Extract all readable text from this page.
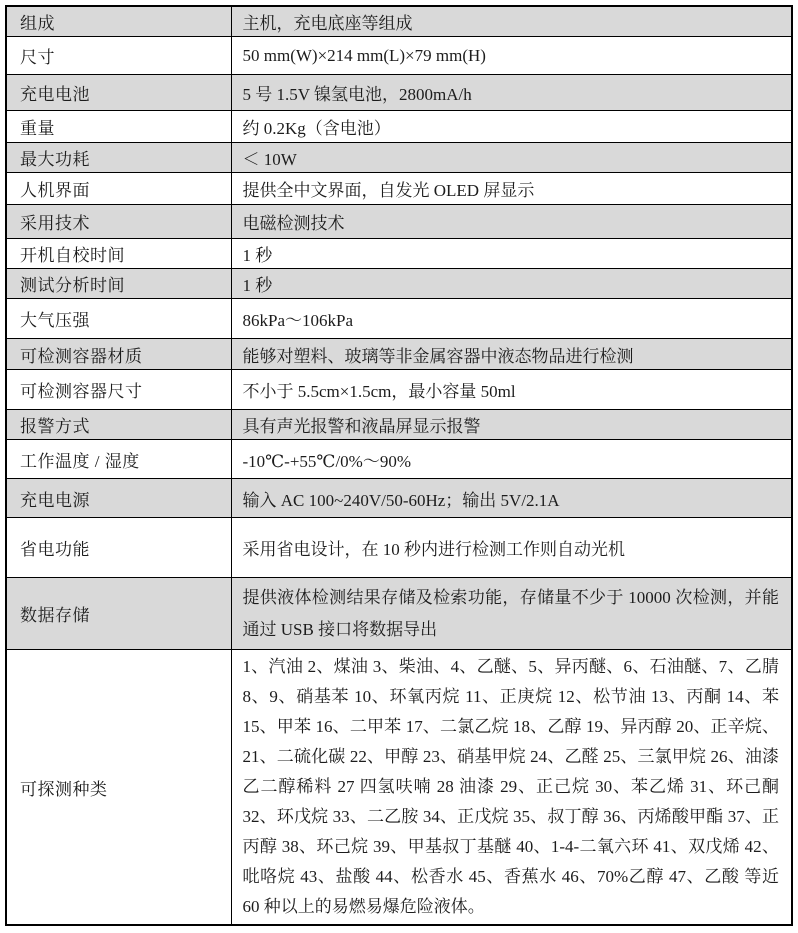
组成	主机，充电底座等组成
尺寸	50 mm(W)×214 mm(L)×79 mm(H)
充电电池	5 号 1.5V 镍氢电池，2800mA/h
重量	约 0.2Kg（含电池）
最大功耗	＜ 10W
人机界面	提供全中文界面，自发光 OLED 屏显示
采用技术	电磁检测技术
开机自校时间	1 秒
测试分析时间	1 秒
大气压强	86kPa～106kPa
可检测容器材质	能够对塑料、玻璃等非金属容器中液态物品进行检测
可检测容器尺寸	不小于 5.5cm×1.5cm，最小容量 50ml
报警方式	具有声光报警和液晶屏显示报警
工作温度 / 湿度	-10℃-+55℃/0%～90%
充电电源	输入 AC 100~240V/50-60Hz；输出 5V/2.1A
省电功能	采用省电设计，在 10 秒内进行检测工作则自动光机
数据存储	提供液体检测结果存储及检索功能，存储量不少于 10000 次检测，并能通过 USB 接口将数据导出
可探测种类	1、汽油 2、煤油 3、柴油、4、乙醚、5、异丙醚、6、石油醚、7、乙腈 8、9、硝基苯 10、环氧丙烷 11、正庚烷 12、松节油 13、丙酮 14、苯 15、甲苯 16、二甲苯 17、二氯乙烷 18、乙醇 19、异丙醇 20、正辛烷、21、二硫化碳 22、甲醇 23、硝基甲烷 24、乙醛 25、三氯甲烷 26、油漆乙二醇稀料 27 四氢呋喃 28 油漆 29、正己烷 30、苯乙烯 31、环己酮 32、环戊烷 33、二乙胺 34、正戊烷 35、叔丁醇 36、丙烯酸甲酯 37、正丙醇 38、环己烷 39、甲基叔丁基醚 40、1-4-二氧六环 41、双戊烯 42、吡咯烷 43、盐酸 44、松香水 45、香蕉水 46、70%乙醇 47、乙酸 等近 60 种以上的易燃易爆危险液体。
